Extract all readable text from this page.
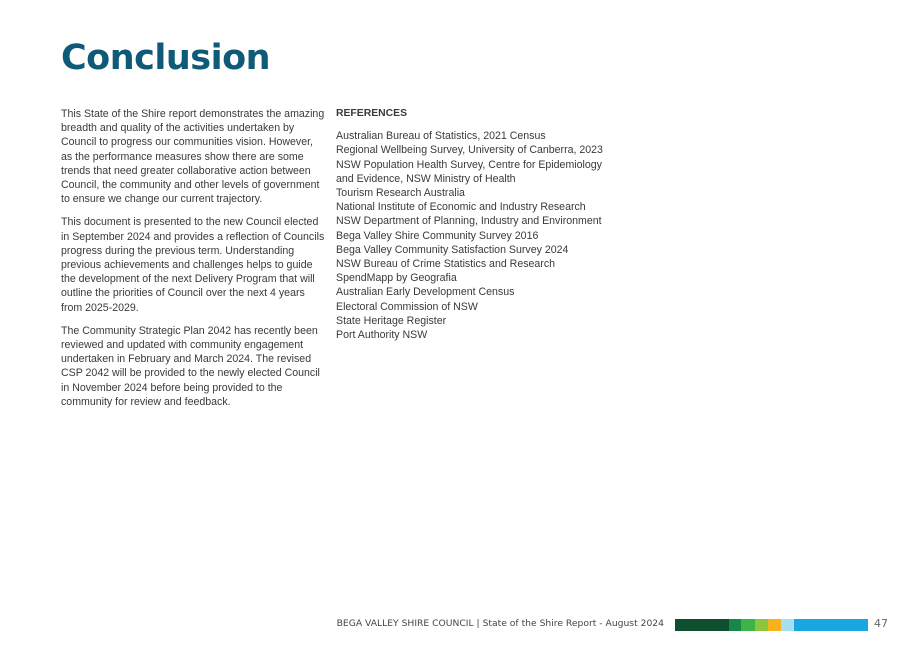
Conclusion

This State of the Shire report demonstrates the amazing breadth and quality of the activities undertaken by Council to progress our communities vision. However, as the performance measures show there are some trends that need greater collaborative action between Council, the community and other levels of government to ensure we change our current trajectory.

This document is presented to the new Council elected in September 2024 and provides a reflection of Councils progress during the previous term. Understanding previous achievements and challenges helps to guide the development of the next Delivery Program that will outline the priorities of Council over the next 4 years from 2025-2029.

The Community Strategic Plan 2042 has recently been reviewed and updated with community engagement undertaken in February and March 2024. The revised CSP 2042 will be provided to the newly elected Council in November 2024 before being provided to the community for review and feedback.

REFERENCES
Australian Bureau of Statistics, 2021 Census
Regional Wellbeing Survey, University of Canberra, 2023
NSW Population Health Survey, Centre for Epidemiology and Evidence, NSW Ministry of Health
Tourism Research Australia
National Institute of Economic and Industry Research
NSW Department of Planning, Industry and Environment
Bega Valley Shire Community Survey 2016
Bega Valley Community Satisfaction Survey 2024
NSW Bureau of Crime Statistics and Research
SpendMapp by Geografia
Australian Early Development Census
Electoral Commission of NSW
State Heritage Register
Port Authority NSW
BEGA VALLEY SHIRE COUNCIL | State of the Shire Report - August 2024	47
